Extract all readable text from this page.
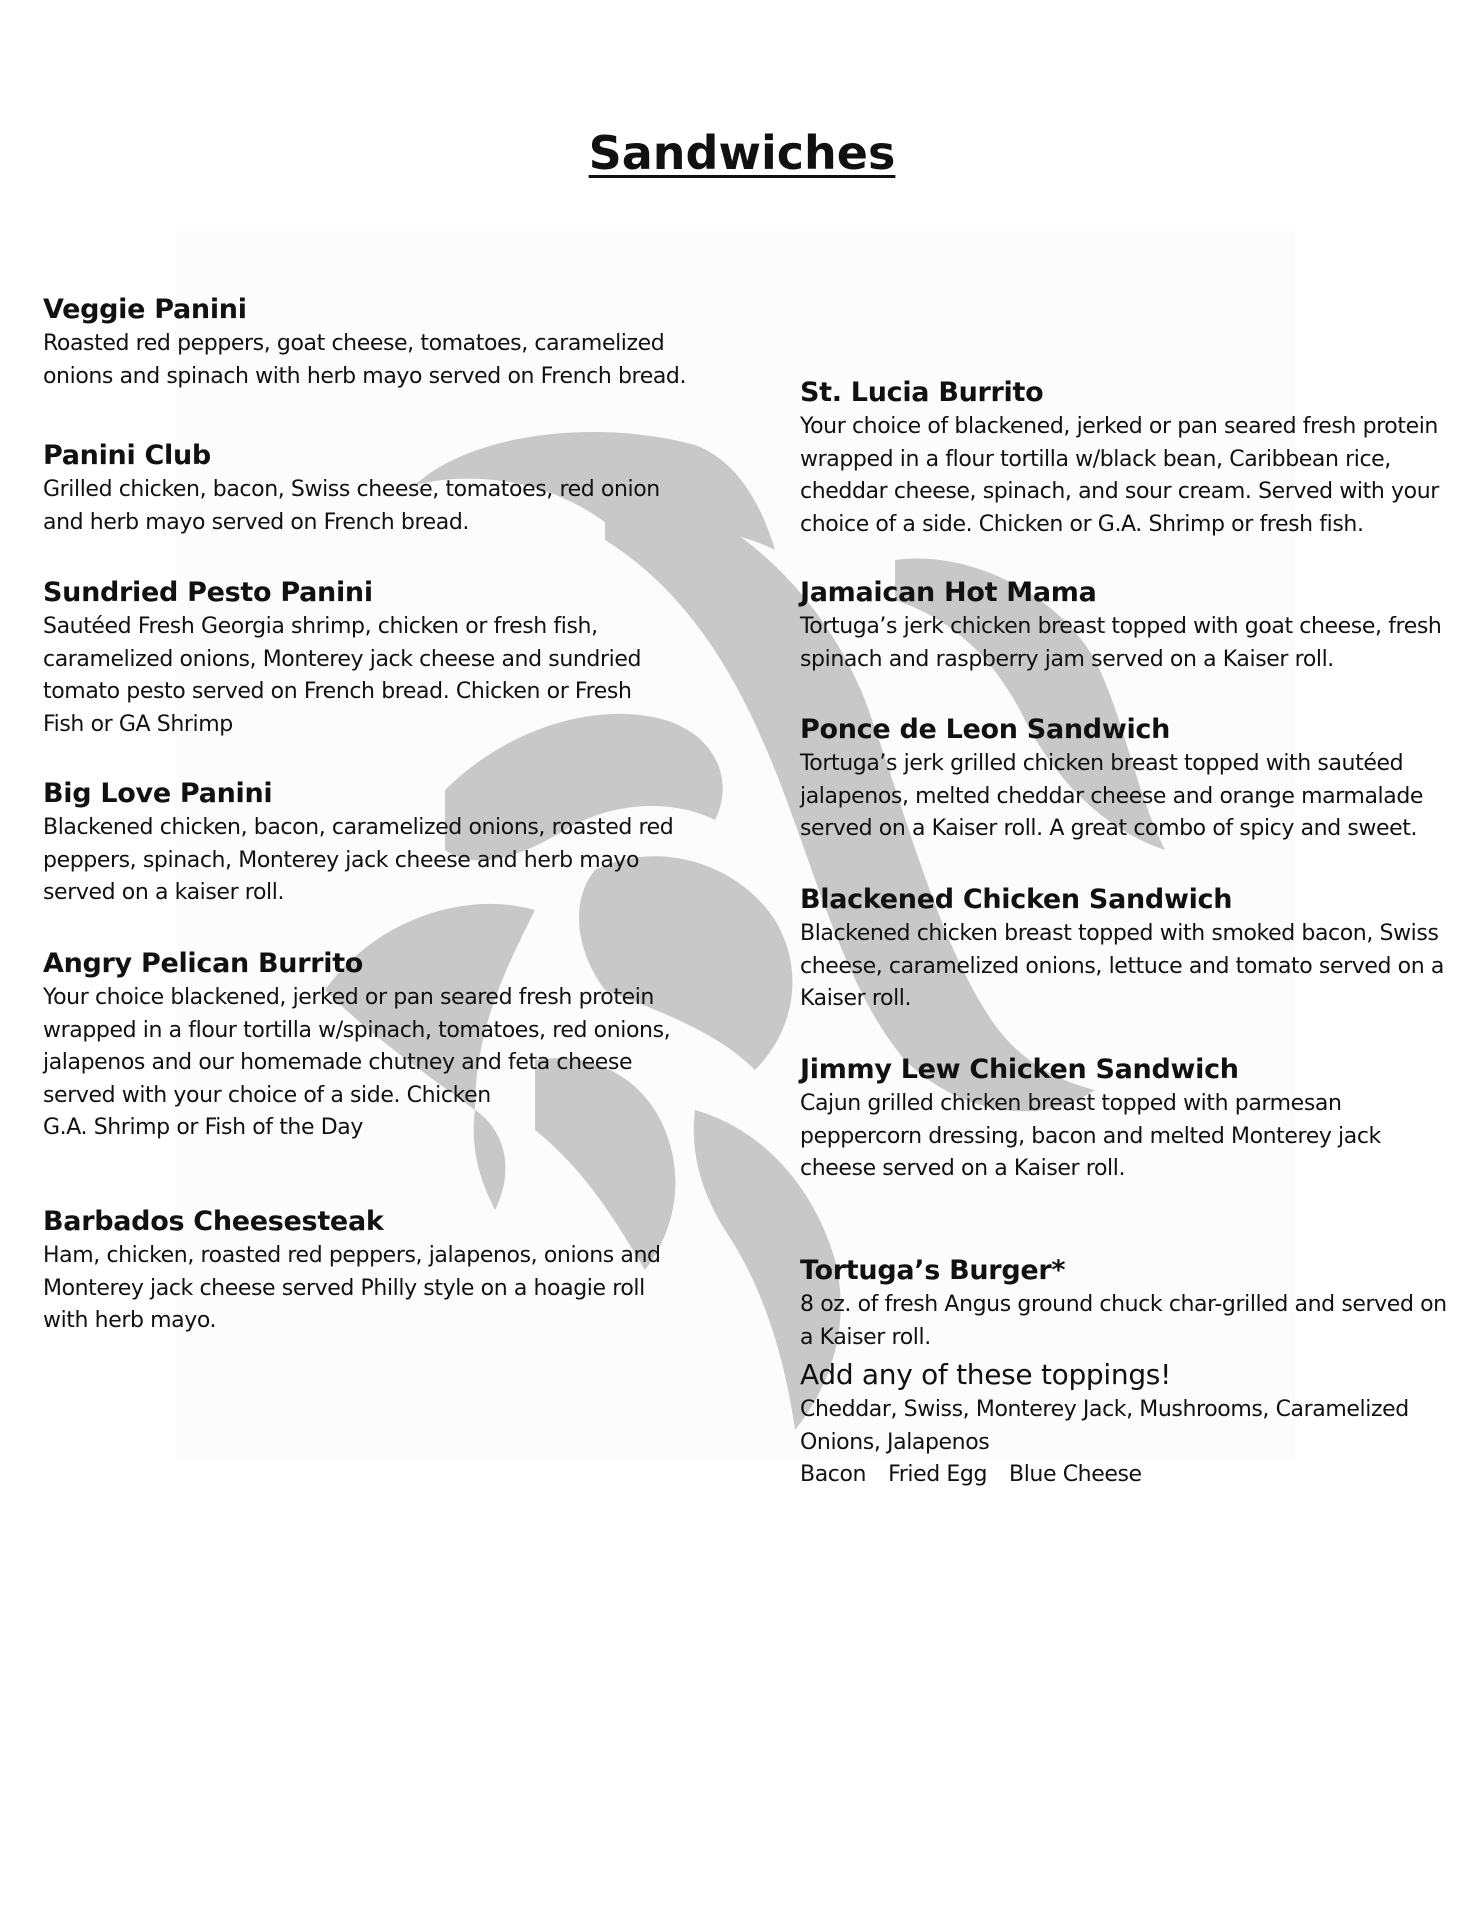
Sandwiches

Veggie Panini

Roasted red peppers, goat cheese, tomatoes, caramelized
onions and spinach with herb mayo served on French bread.

Panini Club

Grilled chicken, bacon, Swiss cheese, tomatoes, red onion
and herb mayo served on French bread.

Sundried Pesto Panini

Sautéed Fresh Georgia shrimp, chicken or fresh fish,
caramelized onions, Monterey jack cheese and sundried
tomato pesto served on French bread. Chicken or Fresh
Fish or GA Shrimp

Big Love Panini

Blackened chicken, bacon, caramelized onions, roasted red
peppers, spinach, Monterey jack cheese and herb mayo
served on a kaiser roll.

Angry Pelican Burrito

Your choice blackened, jerked or pan seared fresh protein
wrapped in a flour tortilla w/spinach, tomatoes, red onions,
jalapenos and our homemade chutney and feta cheese
served with your choice of a side. Chicken
G.A. Shrimp or Fish of the Day

Barbados Cheesesteak

Ham, chicken, roasted red peppers, jalapenos, onions and
Monterey jack cheese served Philly style on a hoagie roll
with herb mayo.

St. Lucia Burrito

Your choice of blackened, jerked or pan seared fresh protein
wrapped in a flour tortilla w/black bean, Caribbean rice,
cheddar cheese, spinach, and sour cream. Served with your
choice of a side. Chicken or G.A. Shrimp or fresh fish.

Jamaican Hot Mama

Tortuga’s jerk chicken breast topped with goat cheese, fresh
spinach and raspberry jam served on a Kaiser roll.

Ponce de Leon Sandwich

Tortuga’s jerk grilled chicken breast topped with sautéed
jalapenos, melted cheddar cheese and orange marmalade
served on a Kaiser roll. A great combo of spicy and sweet.

Blackened Chicken Sandwich

Blackened chicken breast topped with smoked bacon, Swiss
cheese, caramelized onions, lettuce and tomato served on a
Kaiser roll.

Jimmy Lew Chicken Sandwich

Cajun grilled chicken breast topped with parmesan
peppercorn dressing, bacon and melted Monterey jack
cheese served on a Kaiser roll.

Tortuga’s Burger*

8 oz. of fresh Angus ground chuck char-grilled and served on
a Kaiser roll.

Add any of these toppings!

Cheddar, Swiss, Monterey Jack, Mushrooms, Caramelized
Onions, Jalapenos

Bacon Fried Egg Blue Cheese
